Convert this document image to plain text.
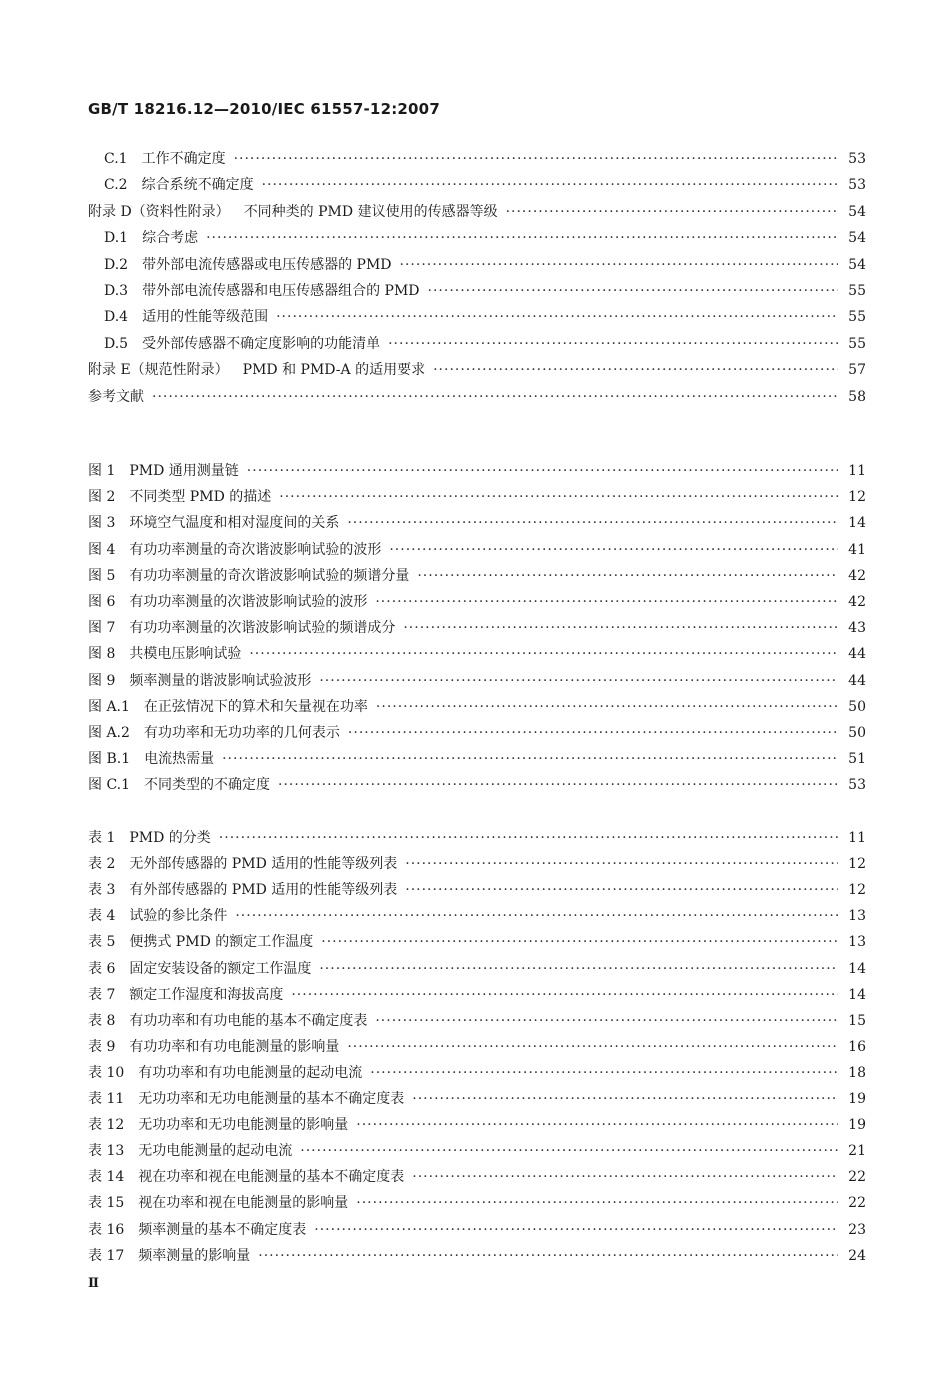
GB/T 18216.12—2010/IEC 61557-12:2007
C.1 工作不确定度 ·····	53
C.2 综合系统不确定度 ·····	53
附录 D（资料性附录） 不同种类的 PMD 建议使用的传感器等级 ·····	54
D.1 综合考虑 ·····	54
D.2 带外部电流传感器或电压传感器的 PMD ·····	54
D.3 带外部电流传感器和电压传感器组合的 PMD ·····	55
D.4 适用的性能等级范围 ·····	55
D.5 受外部传感器不确定度影响的功能清单 ·····	55
附录 E（规范性附录） PMD 和 PMD-A 的适用要求 ·····	57
参考文献 ·····	58
图 1 PMD 通用测量链 ·····	11
图 2 不同类型 PMD 的描述 ·····	12
图 3 环境空气温度和相对湿度间的关系 ·····	14
图 4 有功功率测量的奇次谐波影响试验的波形 ·····	41
图 5 有功功率测量的奇次谐波影响试验的频谱分量 ·····	42
图 6 有功功率测量的次谐波影响试验的波形 ·····	42
图 7 有功功率测量的次谐波影响试验的频谱成分 ·····	43
图 8 共模电压影响试验 ·····	44
图 9 频率测量的谐波影响试验波形 ·····	44
图 A.1 在正弦情况下的算术和矢量视在功率 ·····	50
图 A.2 有功功率和无功功率的几何表示 ·····	50
图 B.1 电流热需量 ·····	51
图 C.1 不同类型的不确定度 ·····	53
表 1 PMD 的分类 ·····	11
表 2 无外部传感器的 PMD 适用的性能等级列表 ·····	12
表 3 有外部传感器的 PMD 适用的性能等级列表 ·····	12
表 4 试验的参比条件 ·····	13
表 5 便携式 PMD 的额定工作温度 ·····	13
表 6 固定安装设备的额定工作温度 ·····	14
表 7 额定工作湿度和海拔高度 ·····	14
表 8 有功功率和有功电能的基本不确定度表 ·····	15
表 9 有功功率和有功电能测量的影响量 ·····	16
表 10 有功功率和有功电能测量的起动电流 ·····	18
表 11 无功功率和无功电能测量的基本不确定度表 ·····	19
表 12 无功功率和无功电能测量的影响量 ·····	19
表 13 无功电能测量的起动电流 ·····	21
表 14 视在功率和视在电能测量的基本不确定度表 ·····	22
表 15 视在功率和视在电能测量的影响量 ·····	22
表 16 频率测量的基本不确定度表 ·····	23
表 17 频率测量的影响量 ·····	24
Ⅱ
